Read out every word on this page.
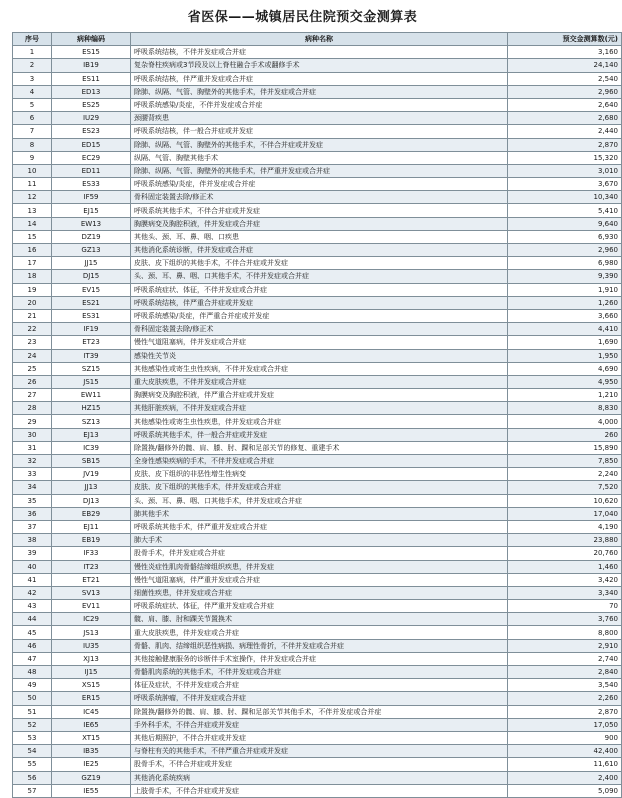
省医保——城镇居民住院预交金测算表
序号	病种编码	病种名称	预交金测算数(元)
1	ES15	呼吸系统结核，不伴并发症或合并症	3,160
2	IB19	复杂脊柱疾病或3节段及以上脊柱融合手术或翻修手术	24,140
3	ES11	呼吸系统结核，伴严重并发症或合并症	2,540
4	ED13	除肺、纵隔、气管、胸壁外的其他手术，伴并发症或合并症	2,960
5	ES25	呼吸系统感染/炎症，不伴并发症或合并症	2,640
6	IU29	颈腰背疾患	2,680
7	ES23	呼吸系统结核，伴一般合并症或并发症	2,440
8	ED15	除肺、纵隔、气管、胸壁外的其他手术，不伴合并症或并发症	2,870
9	EC29	纵隔、气管、胸壁其他手术	15,320
10	ED11	除肺、纵隔、气管、胸壁外的其他手术，伴严重并发症或合并症	3,010
11	ES33	呼吸系统感染/炎症，伴并发症或合并症	3,670
12	IF59	骨科固定装置去除/修正术	10,340
13	EJ15	呼吸系统其他手术，不伴合并症或并发症	5,410
14	EW13	胸膜病变及胸腔积液，伴并发症或合并症	9,640
15	DZ19	其他头、颈、耳、鼻、咽、口疾患	6,930
16	GZ13	其他消化系统诊断，伴并发症或合并症	2,960
17	JJ15	皮肤、皮下组织的其他手术，不伴合并症或并发症	6,980
18	DJ15	头、颈、耳、鼻、咽、口其他手术，不伴并发症或合并症	9,390
19	EV15	呼吸系统症状、体征，不伴并发症或合并症	1,910
20	ES21	呼吸系统结核，伴严重合并症或并发症	1,260
21	ES31	呼吸系统感染/炎症，伴严重合并症或并发症	3,660
22	IF19	骨科固定装置去除/修正术	4,410
23	ET23	慢性气道阻塞病，伴并发症或合并症	1,690
24	IT39	感染性关节炎	1,950
25	SZ15	其他感染性或寄生虫性疾病，不伴并发症或合并症	4,690
26	JS15	重大皮肤疾患，不伴并发症或合并症	4,950
27	EW11	胸膜病变及胸腔积液，伴严重合并症或并发症	1,210
28	HZ15	其他肝脏疾病，不伴并发症或合并症	8,830
29	SZ13	其他感染性或寄生虫性疾患，伴并发症或合并症	4,000
30	EJ13	呼吸系统其他手术，伴一般合并症或并发症	260
31	IC39	除置换/翻修外的髋、肩、膝、肘、踝和足部关节的修复、重建手术	15,890
32	SB15	全身性感染疾病的手术，不伴并发症或合并症	7,850
33	JV19	皮肤、皮下组织的非恶性增生性病变	2,240
34	JJ13	皮肤、皮下组织的其他手术，伴并发症或合并症	7,520
35	DJ13	头、颈、耳、鼻、咽、口其他手术，伴并发症或合并症	10,620
36	EB29	肺其他手术	17,040
37	EJ11	呼吸系统其他手术，伴严重并发症或合并症	4,190
38	EB19	肺大手术	23,880
39	IF33	股骨手术，伴并发症或合并症	20,760
40	IT23	慢性炎症性肌肉骨骼结缔组织疾患，伴并发症	1,460
41	ET21	慢性气道阻塞病，伴严重并发症或合并症	3,420
42	SV13	细菌性疾患，伴并发症或合并症	3,340
43	EV11	呼吸系统症状、体征，伴严重并发症或合并症	70
44	IC29	髋、肩、膝、肘和踝关节置换术	3,760
45	JS13	重大皮肤疾患，伴并发症或合并症	8,800
46	IU35	骨骼、肌肉、结缔组织恶性病损、病理性骨折，不伴并发症或合并症	2,910
47	XJ13	其他接触健康服务的诊断伴手术室操作，伴并发症或合并症	2,740
48	IJ15	骨骼肌肉系统的其他手术，不伴并发症或合并症	2,840
49	XS15	体征及症状，不伴并发症或合并症	3,540
50	ER15	呼吸系统肿瘤，不伴并发症或合并症	2,260
51	IC45	除置换/翻修外的髋、肩、膝、肘、踝和足部关节其他手术，不伴并发症或合并症	2,870
52	IE65	手外科手术，不伴合并症或并发症	17,050
53	XT15	其他后期照护，不伴合并症或并发症	900
54	IB35	与脊柱有关的其他手术，不伴严重合并症或并发症	42,400
55	IE25	股骨手术，不伴合并症或并发症	11,610
56	GZ19	其他消化系统疾病	2,400
57	IE55	上肢骨手术，不伴合并症或并发症	5,090
